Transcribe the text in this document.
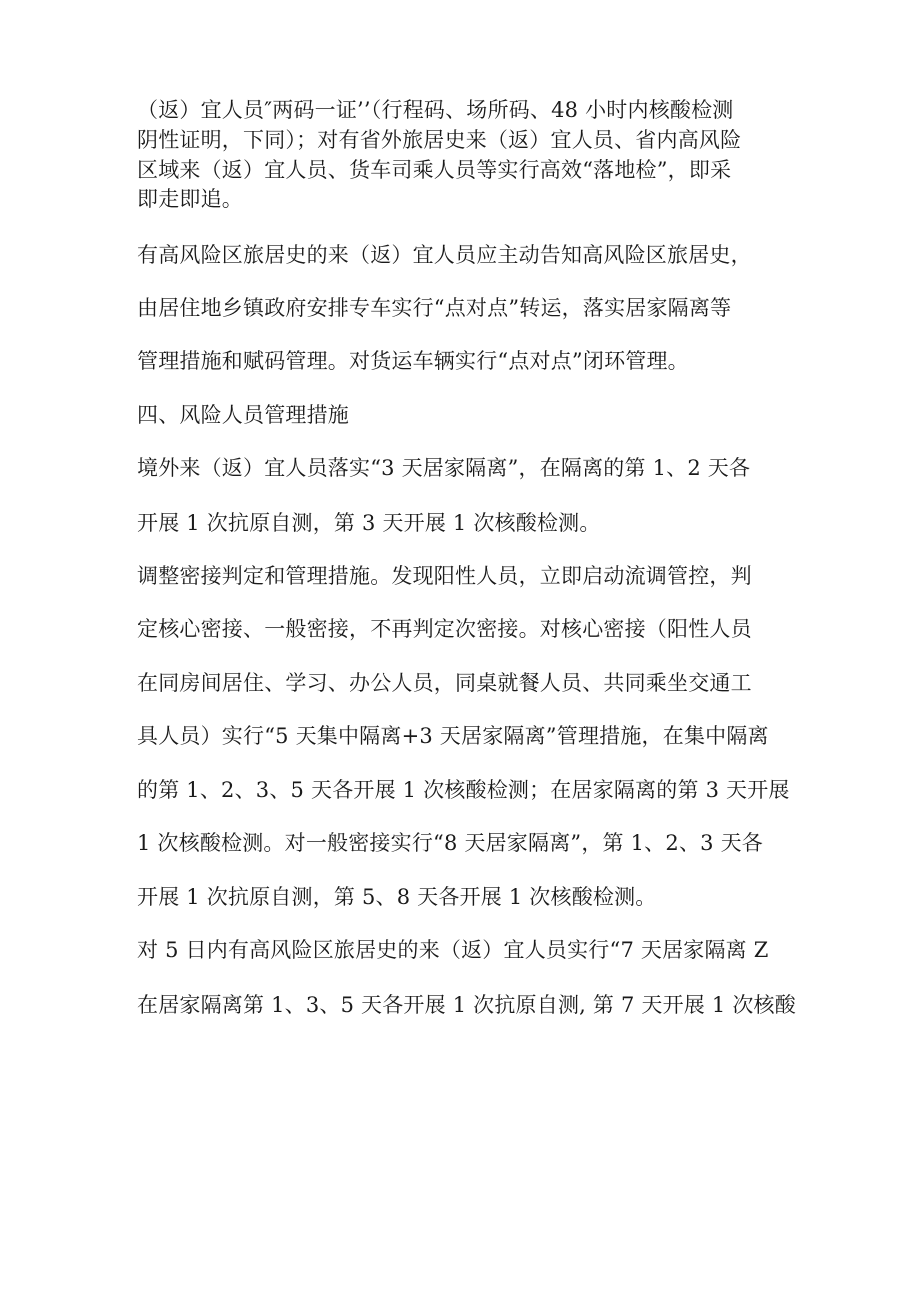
（返）宜人员″两码一证’’（行程码、场所码、48 小时内核酸检测
阴性证明，下同）；对有省外旅居史来（返）宜人员、省内高风险
区域来（返）宜人员、货车司乘人员等实行高效“落地检”，即采
即走即追。
有高风险区旅居史的来（返）宜人员应主动告知高风险区旅居史，
由居住地乡镇政府安排专车实行“点对点”转运，落实居家隔离等
管理措施和赋码管理。对货运车辆实行“点对点”闭环管理。
四、风险人员管理措施
境外来（返）宜人员落实“3 天居家隔离”，在隔离的第 1、2 天各
开展 1 次抗原自测，第 3 天开展 1 次核酸检测。
调整密接判定和管理措施。发现阳性人员，立即启动流调管控，判
定核心密接、一般密接，不再判定次密接。对核心密接（阳性人员
在同房间居住、学习、办公人员，同桌就餐人员、共同乘坐交通工
具人员）实行“5 天集中隔离+3 天居家隔离”管理措施，在集中隔离
的第 1、2、3、5 天各开展 1 次核酸检测；在居家隔离的第 3 天开展
1 次核酸检测。对一般密接实行“8 天居家隔离”，第 1、2、3 天各
开展 1 次抗原自测，第 5、8 天各开展 1 次核酸检测。
对 5 日内有高风险区旅居史的来（返）宜人员实行“7 天居家隔离 Z
在居家隔离第 1、3、5 天各开展 1 次抗原自测, 第 7 天开展 1 次核酸
